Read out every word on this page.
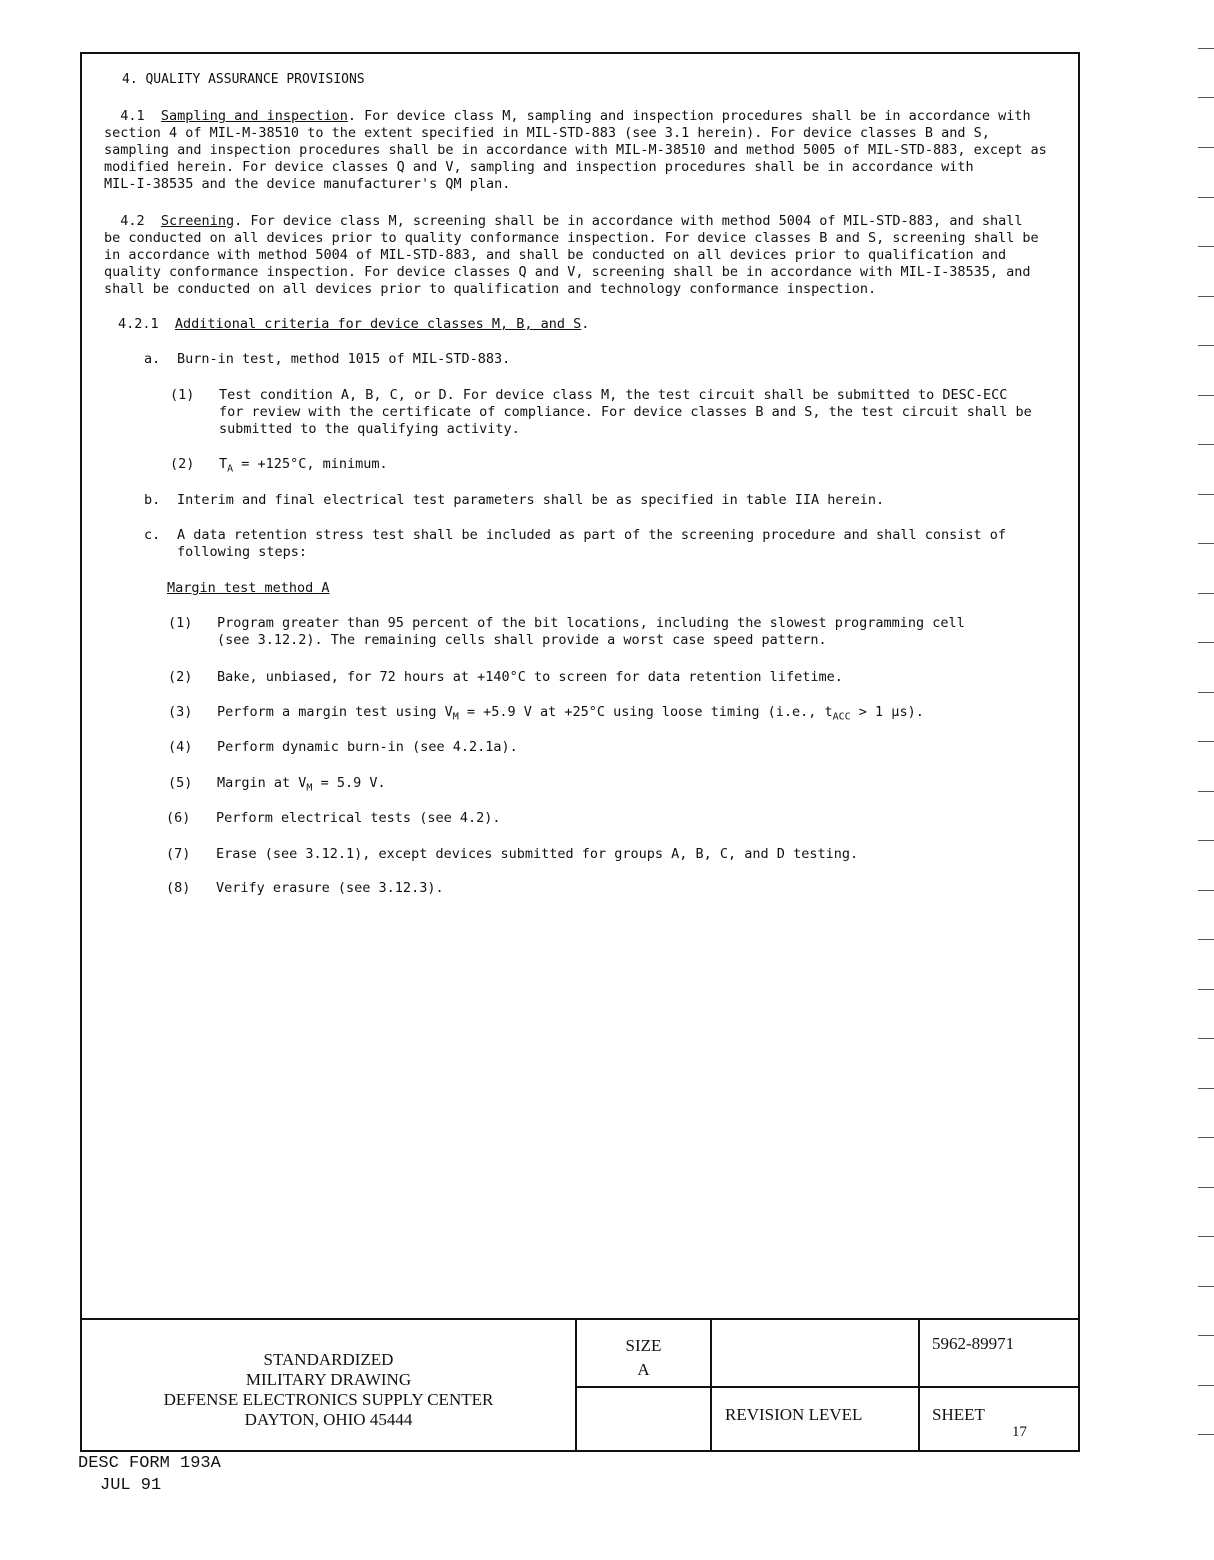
4. QUALITY ASSURANCE PROVISIONS
4.1 Sampling and inspection. For device class M, sampling and inspection procedures shall be in accordance with
section 4 of MIL-M-38510 to the extent specified in MIL-STD-883 (see 3.1 herein). For device classes B and S,
sampling and inspection procedures shall be in accordance with MIL-M-38510 and method 5005 of MIL-STD-883, except as
modified herein. For device classes Q and V, sampling and inspection procedures shall be in accordance with
MIL-I-38535 and the device manufacturer's QM plan.
4.2 Screening. For device class M, screening shall be in accordance with method 5004 of MIL-STD-883, and shall
be conducted on all devices prior to quality conformance inspection. For device classes B and S, screening shall be
in accordance with method 5004 of MIL-STD-883, and shall be conducted on all devices prior to qualification and
quality conformance inspection. For device classes Q and V, screening shall be in accordance with MIL-I-38535, and
shall be conducted on all devices prior to qualification and technology conformance inspection.
4.2.1 Additional criteria for device classes M, B, and S.
a. Burn-in test, method 1015 of MIL-STD-883.
(1) Test condition A, B, C, or D. For device class M, the test circuit shall be submitted to DESC-ECC
for review with the certificate of compliance. For device classes B and S, the test circuit shall be
submitted to the qualifying activity.
(2) $T_A = +125^\circ C$, minimum.
b. Interim and final electrical test parameters shall be as specified in table IIA herein.
c. A data retention stress test shall be included as part of the screening procedure and shall consist of
following steps:
Margin test method A
(1) Program greater than 95 percent of the bit locations, including the slowest programming cell
(see 3.12.2). The remaining cells shall provide a worst case speed pattern.
(2) Bake, unbiased, for 72 hours at +140°C to screen for data retention lifetime.
(3) Perform a margin test using $V_M = +5.9$ V at +25°C using loose timing (i.e., $t_{ACC} > 1$ µs).
(4) Perform dynamic burn-in (see 4.2.1a).
(5) Margin at $V_M = 5.9$ V.
(6) Perform electrical tests (see 4.2).
(7) Erase (see 3.12.1), except devices submitted for groups A, B, C, and D testing.
(8) Verify erasure (see 3.12.3).
STANDARDIZED
MILITARY DRAWING
DEFENSE ELECTRONICS SUPPLY CENTER
DAYTON, OHIO 45444
SIZE
A
5962-89971
REVISION LEVEL	SHEET
17
DESC FORM 193A
JUL 91
